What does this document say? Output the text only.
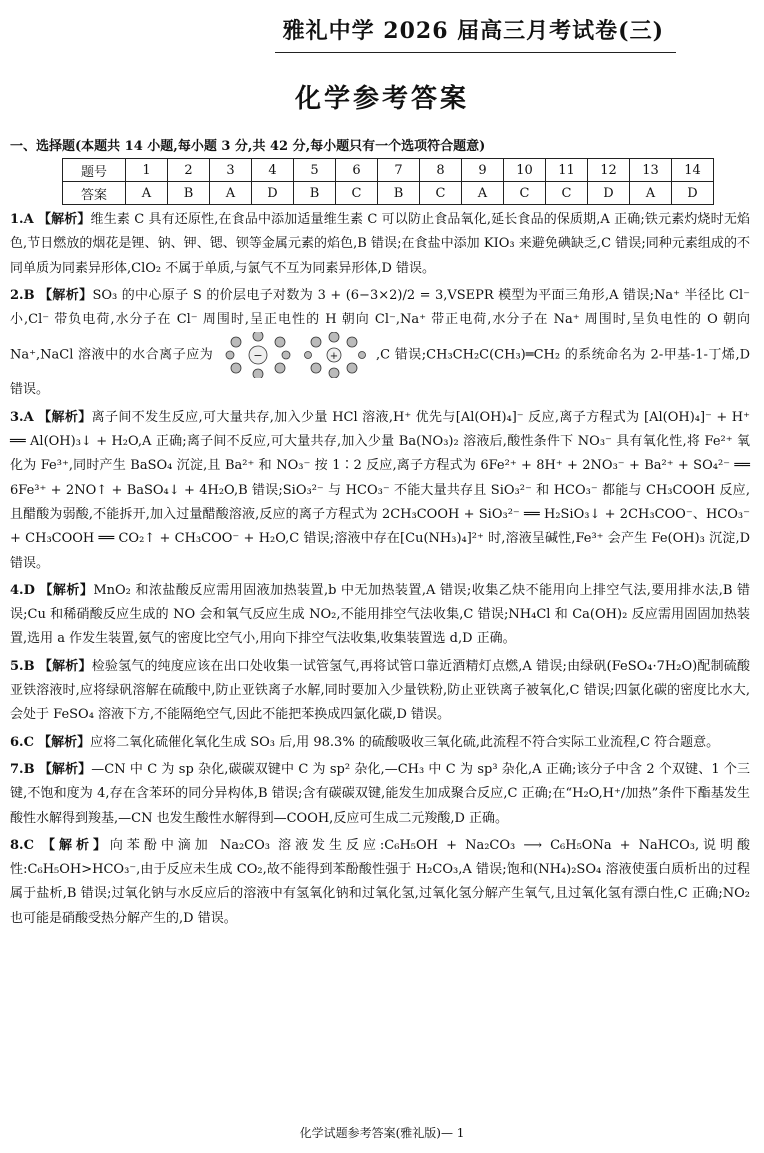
雅礼中学 2026 届高三月考试卷(三)
化学参考答案
一、选择题(本题共 14 小题,每小题 3 分,共 42 分,每小题只有一个选项符合题意)
题号	1	2	3	4	5	6	7	8	9	10	11	12	13	14
答案	A	B	A	D	B	C	B	C	A	C	C	D	A	D

1.A 【解析】维生素 C 具有还原性,在食品中添加适量维生素 C 可以防止食品氧化,延长食品的保质期,A 正确;铁元素灼烧时无焰色,节日燃放的烟花是锂、钠、钾、锶、钡等金属元素的焰色,B 错误;在食盐中添加 KIO₃ 来避免碘缺乏,C 错误;同种元素组成的不同单质为同素异形体,ClO₂ 不属于单质,与氯气不互为同素异形体,D 错误。

2.B 【解析】SO₃ 的中心原子 S 的价层电子对数为 3 + (6−3×2)/2 = 3,VSEPR 模型为平面三角形,A 错误;Na⁺ 半径比 Cl⁻ 小,Cl⁻ 带负电荷,水分子在 Cl⁻ 周围时,呈正电性的 H 朝向 Cl⁻,Na⁺ 带正电荷,水分子在 Na⁺ 周围时,呈负电性的 O 朝向 Na⁺,NaCl 溶液中的水合离子应为	−	+	,C 错误;CH₃CH₂C(CH₃)═CH₂ 的系统命名为 2-甲基-1-丁烯,D 错误。

3.A 【解析】离子间不发生反应,可大量共存,加入少量 HCl 溶液,H⁺ 优先与[Al(OH)₄]⁻ 反应,离子方程式为 [Al(OH)₄]⁻ + H⁺ ══ Al(OH)₃↓ + H₂O,A 正确;离子间不反应,可大量共存,加入少量 Ba(NO₃)₂ 溶液后,酸性条件下 NO₃⁻ 具有氧化性,将 Fe²⁺ 氧化为 Fe³⁺,同时产生 BaSO₄ 沉淀,且 Ba²⁺ 和 NO₃⁻ 按 1∶2 反应,离子方程式为 6Fe²⁺ + 8H⁺ + 2NO₃⁻ + Ba²⁺ + SO₄²⁻ ══ 6Fe³⁺ + 2NO↑ + BaSO₄↓ + 4H₂O,B 错误;SiO₃²⁻ 与 HCO₃⁻ 不能大量共存且 SiO₃²⁻ 和 HCO₃⁻ 都能与 CH₃COOH 反应,且醋酸为弱酸,不能拆开,加入过量醋酸溶液,反应的离子方程式为 2CH₃COOH + SiO₃²⁻ ══ H₂SiO₃↓ + 2CH₃COO⁻、HCO₃⁻ + CH₃COOH ══ CO₂↑ + CH₃COO⁻ + H₂O,C 错误;溶液中存在[Cu(NH₃)₄]²⁺ 时,溶液呈碱性,Fe³⁺ 会产生 Fe(OH)₃ 沉淀,D 错误。

4.D 【解析】MnO₂ 和浓盐酸反应需用固液加热装置,b 中无加热装置,A 错误;收集乙炔不能用向上排空气法,要用排水法,B 错误;Cu 和稀硝酸反应生成的 NO 会和氧气反应生成 NO₂,不能用排空气法收集,C 错误;NH₄Cl 和 Ca(OH)₂ 反应需用固固加热装置,选用 a 作发生装置,氨气的密度比空气小,用向下排空气法收集,收集装置选 d,D 正确。

5.B 【解析】检验氢气的纯度应该在出口处收集一试管氢气,再将试管口靠近酒精灯点燃,A 错误;由绿矾(FeSO₄·7H₂O)配制硫酸亚铁溶液时,应将绿矾溶解在硫酸中,防止亚铁离子水解,同时要加入少量铁粉,防止亚铁离子被氧化,C 错误;四氯化碳的密度比水大,会处于 FeSO₄ 溶液下方,不能隔绝空气,因此不能把苯换成四氯化碳,D 错误。

6.C 【解析】应将二氧化硫催化氧化生成 SO₃ 后,用 98.3% 的硫酸吸收三氧化硫,此流程不符合实际工业流程,C 符合题意。

7.B 【解析】—CN 中 C 为 sp 杂化,碳碳双键中 C 为 sp² 杂化,—CH₃ 中 C 为 sp³ 杂化,A 正确;该分子中含 2 个双键、1 个三键,不饱和度为 4,存在含苯环的同分异构体,B 错误;含有碳碳双键,能发生加成聚合反应,C 正确;在“H₂O,H⁺/加热”条件下酯基发生酸性水解得到羧基,—CN 也发生酸性水解得到—COOH,反应可生成二元羧酸,D 正确。

8.C 【解析】向苯酚中滴加 Na₂CO₃ 溶液发生反应:C₆H₅OH + Na₂CO₃ ⟶ C₆H₅ONa + NaHCO₃,说明酸性:C₆H₅OH>HCO₃⁻,由于反应未生成 CO₂,故不能得到苯酚酸性强于 H₂CO₃,A 错误;饱和(NH₄)₂SO₄ 溶液使蛋白质析出的过程属于盐析,B 错误;过氧化钠与水反应后的溶液中有氢氧化钠和过氧化氢,过氧化氢分解产生氧气,且过氧化氢有漂白性,C 正确;NO₂ 也可能是硝酸受热分解产生的,D 错误。

化学试题参考答案(雅礼版)— 1
